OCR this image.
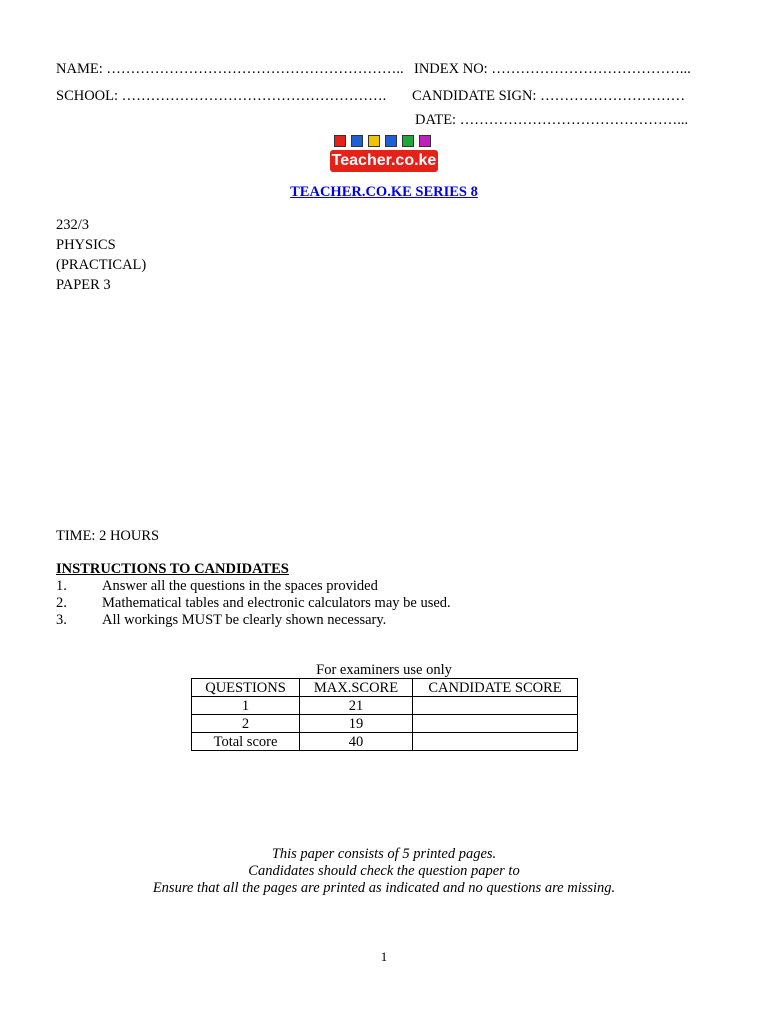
NAME: …………………………………………………….. INDEX NO: …………………………………...
SCHOOL: ………………………………………………. CANDIDATE SIGN: …………………………
DATE: ………………………………………...
Teacher.co.ke
TEACHER.CO.KE SERIES 8
232/3
PHYSICS
(PRACTICAL)
PAPER 3
TIME: 2 HOURS
INSTRUCTIONS TO CANDIDATES
1. Answer all the questions in the spaces provided
2. Mathematical tables and electronic calculators may be used.
3. All workings MUST be clearly shown necessary.
For examiners use only
QUESTIONS	MAX.SCORE	CANDIDATE SCORE
1	21	
2	19	
Total score	40	
This paper consists of 5 printed pages.
Candidates should check the question paper to
Ensure that all the pages are printed as indicated and no questions are missing.
1
